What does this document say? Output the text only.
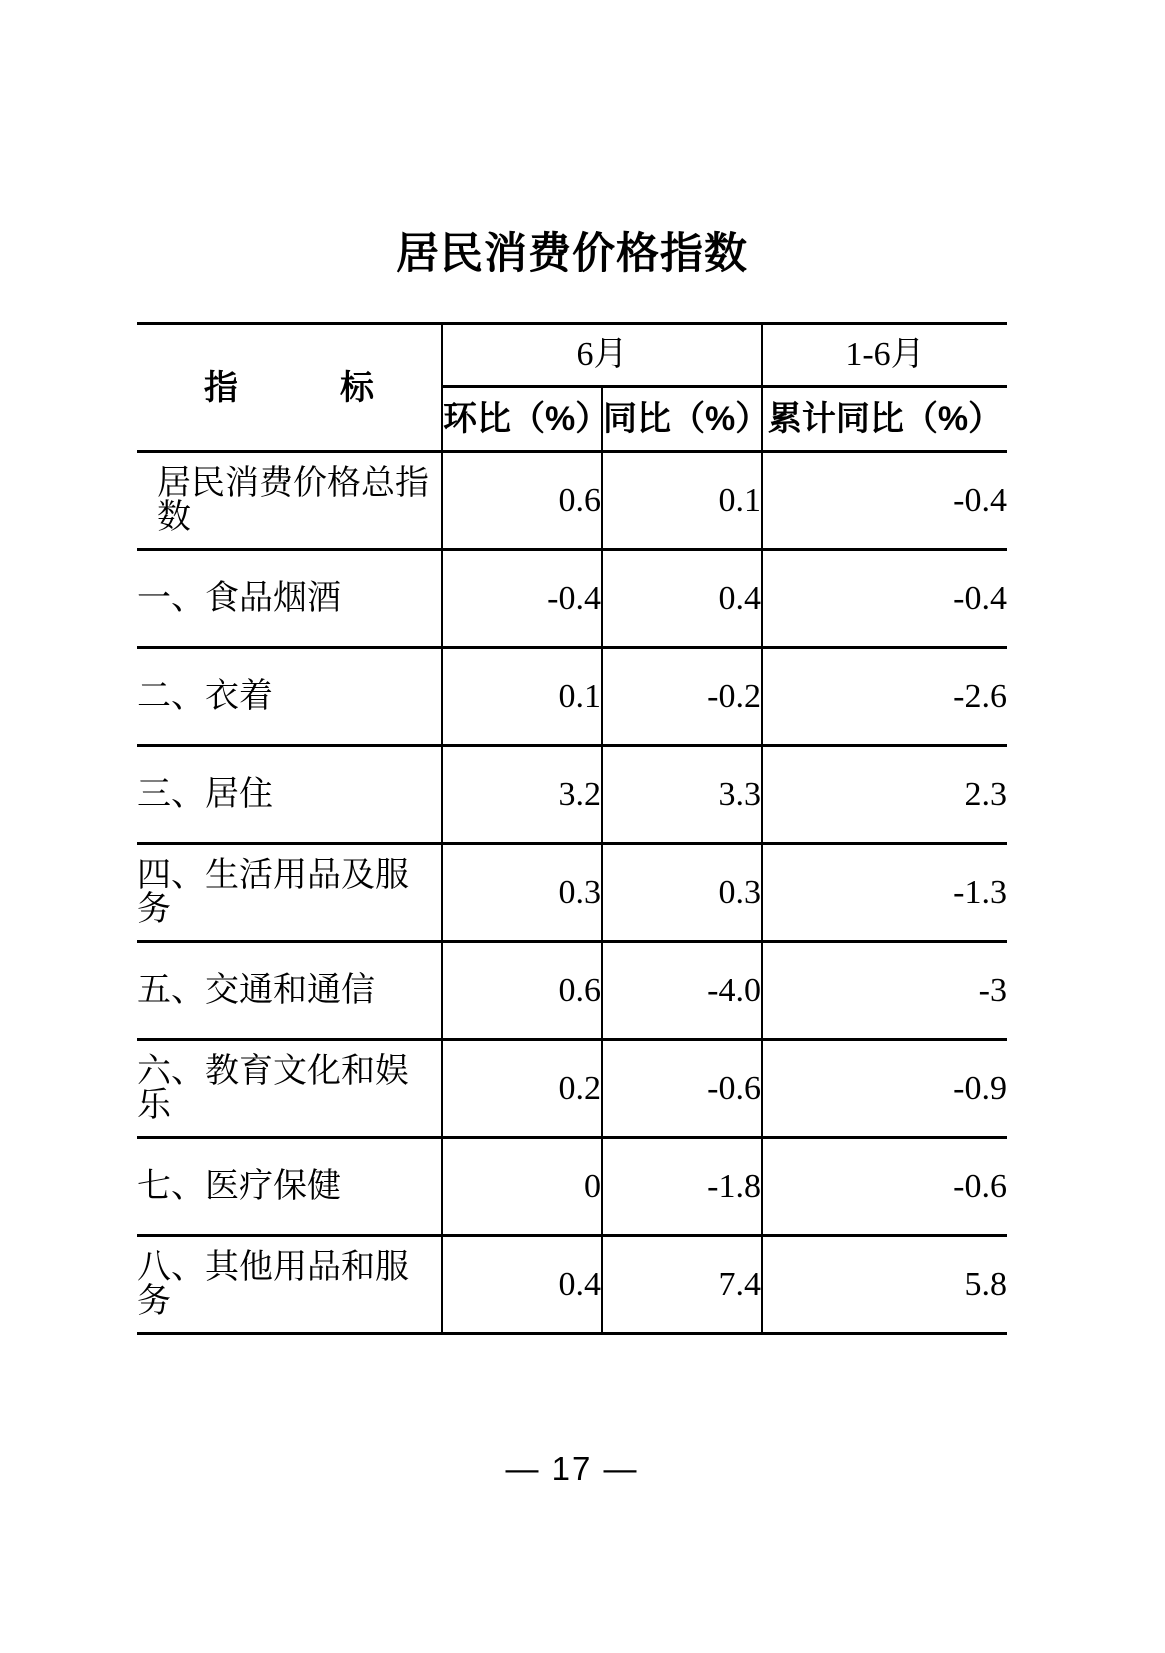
居民消费价格指数
指　　　标	6月		1-6月
	环比（%）	同比（%）	累计同比（%）
居民消费价格总指数	0.6	0.1	-0.4
一、食品烟酒	-0.4	0.4	-0.4
二、衣着	0.1	-0.2	-2.6
三、居住	3.2	3.3	2.3
四、生活用品及服务	0.3	0.3	-1.3
五、交通和通信	0.6	-4.0	-3
六、教育文化和娱乐	0.2	-0.6	-0.9
七、医疗保健	0	-1.8	-0.6
八、其他用品和服务	0.4	7.4	5.8
— 17 —
